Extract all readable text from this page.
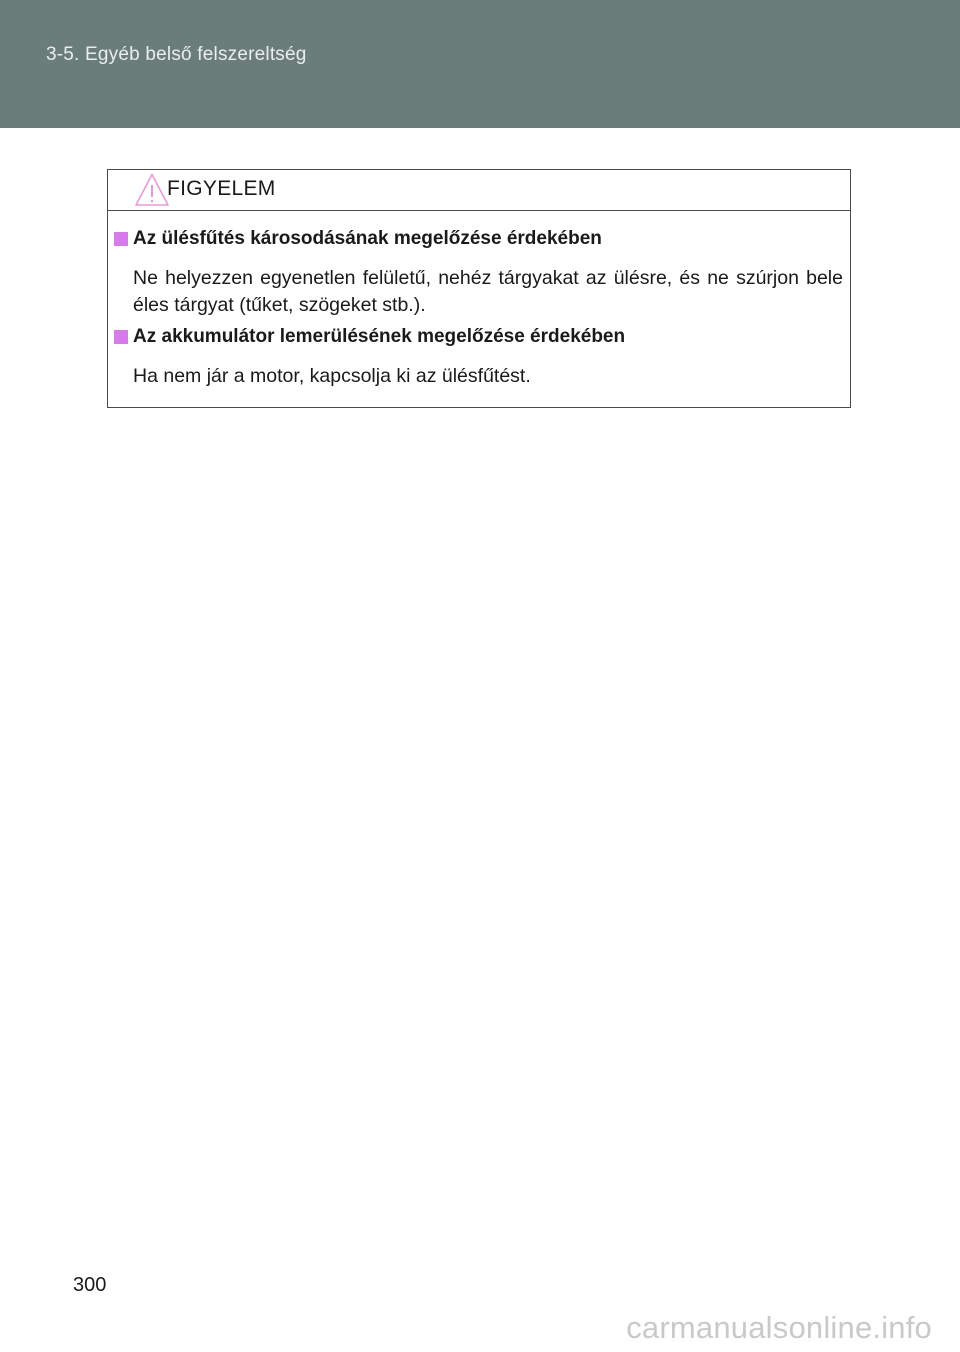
3-5. Egyéb belső felszereltség
FIGYELEM
Az ülésfűtés károsodásának megelőzése érdekében
Ne helyezzen egyenetlen felületű, nehéz tárgyakat az ülésre, és ne szúrjon bele éles tárgyat (tűket, szögeket stb.).
Az akkumulátor lemerülésének megelőzése érdekében
Ha nem jár a motor, kapcsolja ki az ülésfűtést.
300
carmanualsonline.info
